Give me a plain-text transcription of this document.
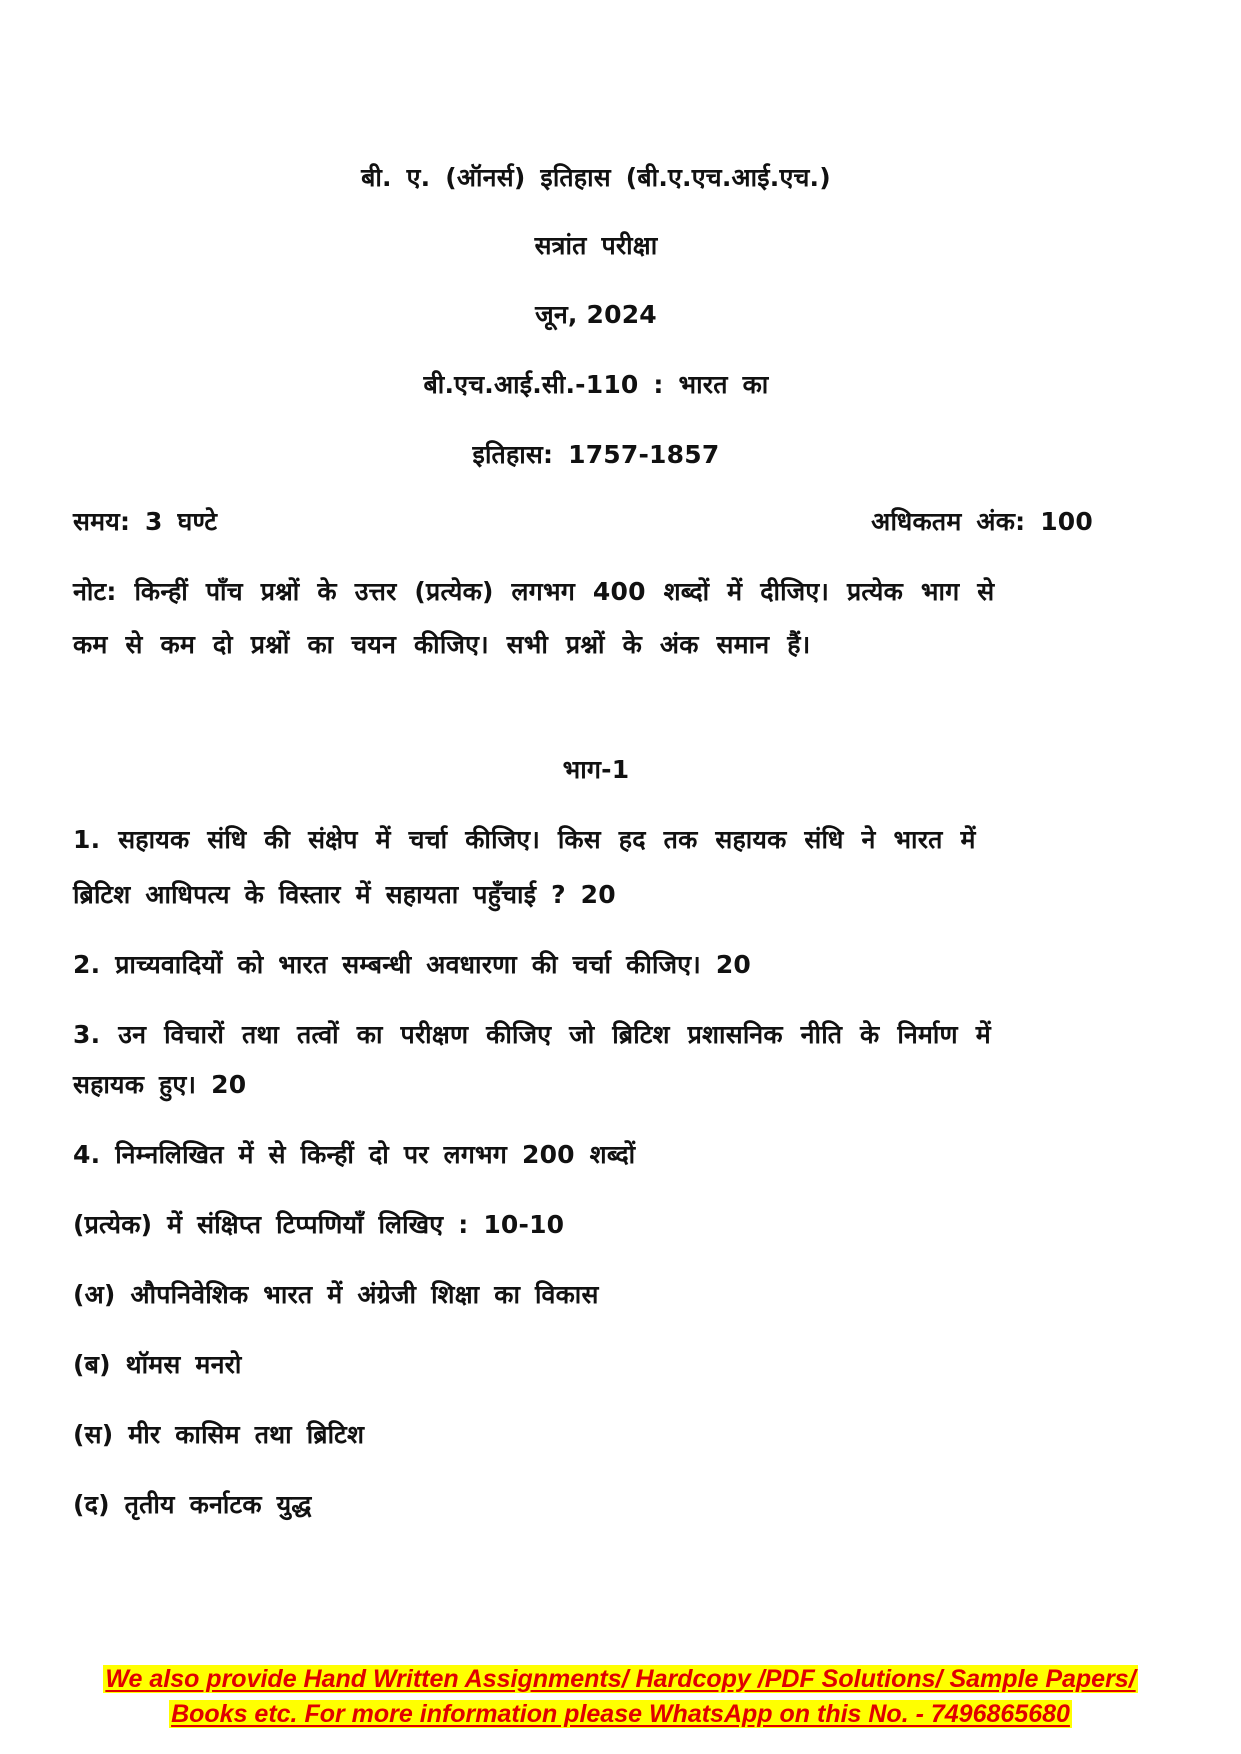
बी. ए. (ऑनर्स) इतिहास (बी.ए.एच.आई.एच.)
सत्रांत परीक्षा
जून, 2024
बी.एच.आई.सी.-110 : भारत का
इतिहास: 1757-1857
समय: 3 घण्टे	अधिकतम अंक: 100
नोट: किन्हीं पाँच प्रश्नों के उत्तर (प्रत्येक) लगभग 400 शब्दों में दीजिए। प्रत्येक भाग से
कम से कम दो प्रश्नों का चयन कीजिए। सभी प्रश्नों के अंक समान हैं।
भाग-1
1. सहायक संधि की संक्षेप में चर्चा कीजिए। किस हद तक सहायक संधि ने भारत में
ब्रिटिश आधिपत्य के विस्तार में सहायता पहुँचाई ? 20
2. प्राच्यवादियों को भारत सम्बन्धी अवधारणा की चर्चा कीजिए। 20
3. उन विचारों तथा तत्वों का परीक्षण कीजिए जो ब्रिटिश प्रशासनिक नीति के निर्माण में
सहायक हुए। 20
4. निम्नलिखित में से किन्हीं दो पर लगभग 200 शब्दों
(प्रत्येक) में संक्षिप्त टिप्पणियाँ लिखिए : 10-10
(अ) औपनिवेशिक भारत में अंग्रेजी शिक्षा का विकास
(ब) थॉमस मनरो
(स) मीर कासिम तथा ब्रिटिश
(द) तृतीय कर्नाटक युद्ध
We also provide Hand Written Assignments/ Hardcopy /PDF Solutions/ Sample Papers/
Books etc. For more information please WhatsApp on this No. - 7496865680
